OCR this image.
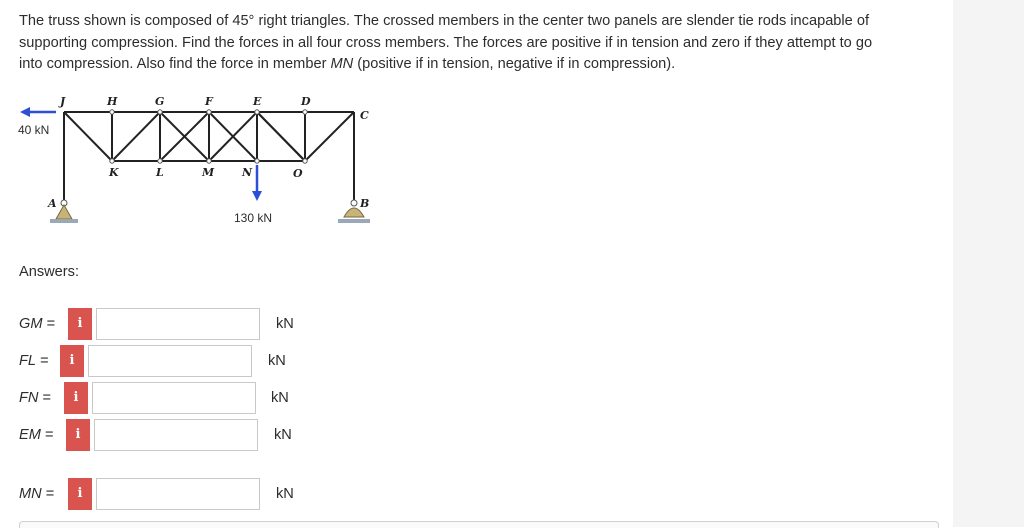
The truss shown is composed of 45° right triangles. The crossed members in the center two panels are slender tie rods incapable of
supporting compression. Find the forces in all four cross members. The forces are positive if in tension and zero if they attempt to go
into compression. Also find the force in member MN (positive if in tension, negative if in compression).
J	H	G	F	E	D
C
K	L	M	N	O
A	B
40 kN
130 kN
Answers:
GM =	i	kN
FL =	i	kN
FN =	i	kN
EM =	i	kN
MN =	i	kN
